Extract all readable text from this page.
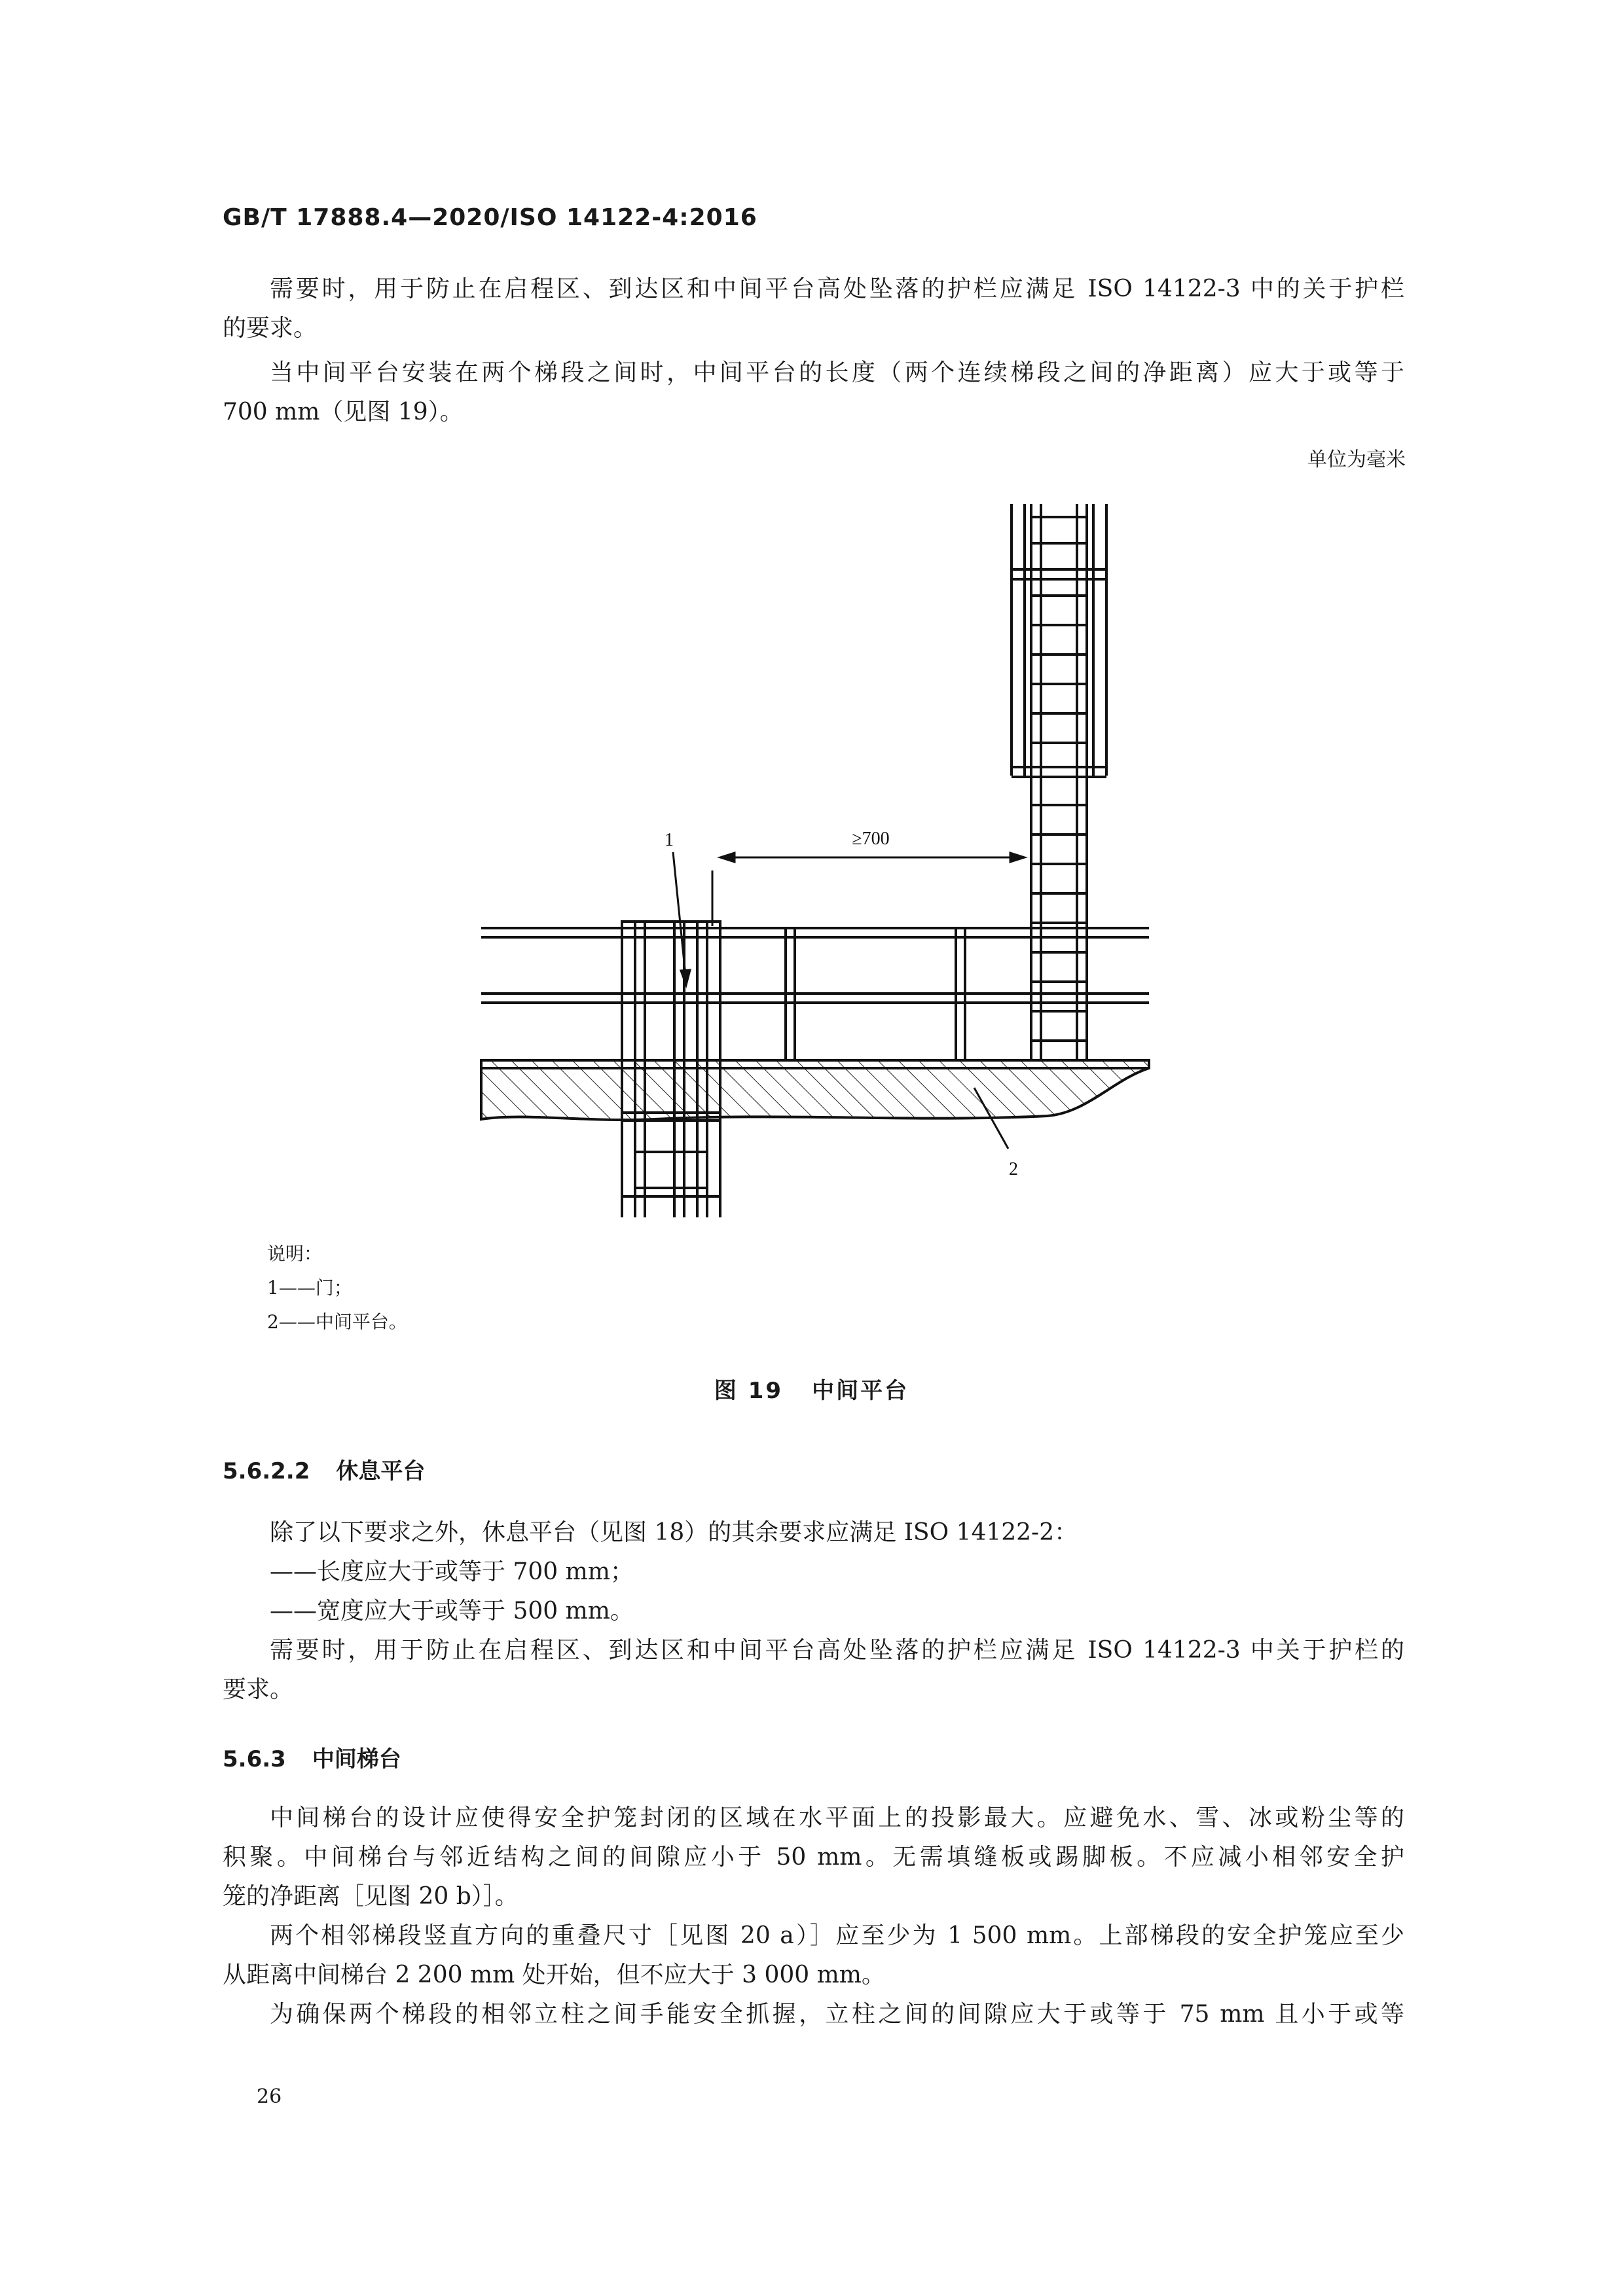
GB/T 17888.4—2020/ISO 14122-4:2016
需要时，用于防止在启程区、到达区和中间平台高处坠落的护栏应满足 ISO 14122-3 中的关于护栏
的要求。
当中间平台安装在两个梯段之间时，中间平台的长度（两个连续梯段之间的净距离）应大于或等于
700 mm（见图 19）。
单位为毫米
≥700
1
2
说明：
1——门；
2——中间平台。
图 19 中间平台
5.6.2.2 休息平台
除了以下要求之外，休息平台（见图 18）的其余要求应满足 ISO 14122-2：
——长度应大于或等于 700 mm；
——宽度应大于或等于 500 mm。
需要时，用于防止在启程区、到达区和中间平台高处坠落的护栏应满足 ISO 14122-3 中关于护栏的
要求。
5.6.3 中间梯台
中间梯台的设计应使得安全护笼封闭的区域在水平面上的投影最大。应避免水、雪、冰或粉尘等的
积聚。中间梯台与邻近结构之间的间隙应小于 50 mm。无需填缝板或踢脚板。不应减小相邻安全护
笼的净距离［见图 20 b）］。
两个相邻梯段竖直方向的重叠尺寸［见图 20 a）］应至少为 1 500 mm。上部梯段的安全护笼应至少
从距离中间梯台 2 200 mm 处开始，但不应大于 3 000 mm。
为确保两个梯段的相邻立柱之间手能安全抓握，立柱之间的间隙应大于或等于 75 mm 且小于或等
26
